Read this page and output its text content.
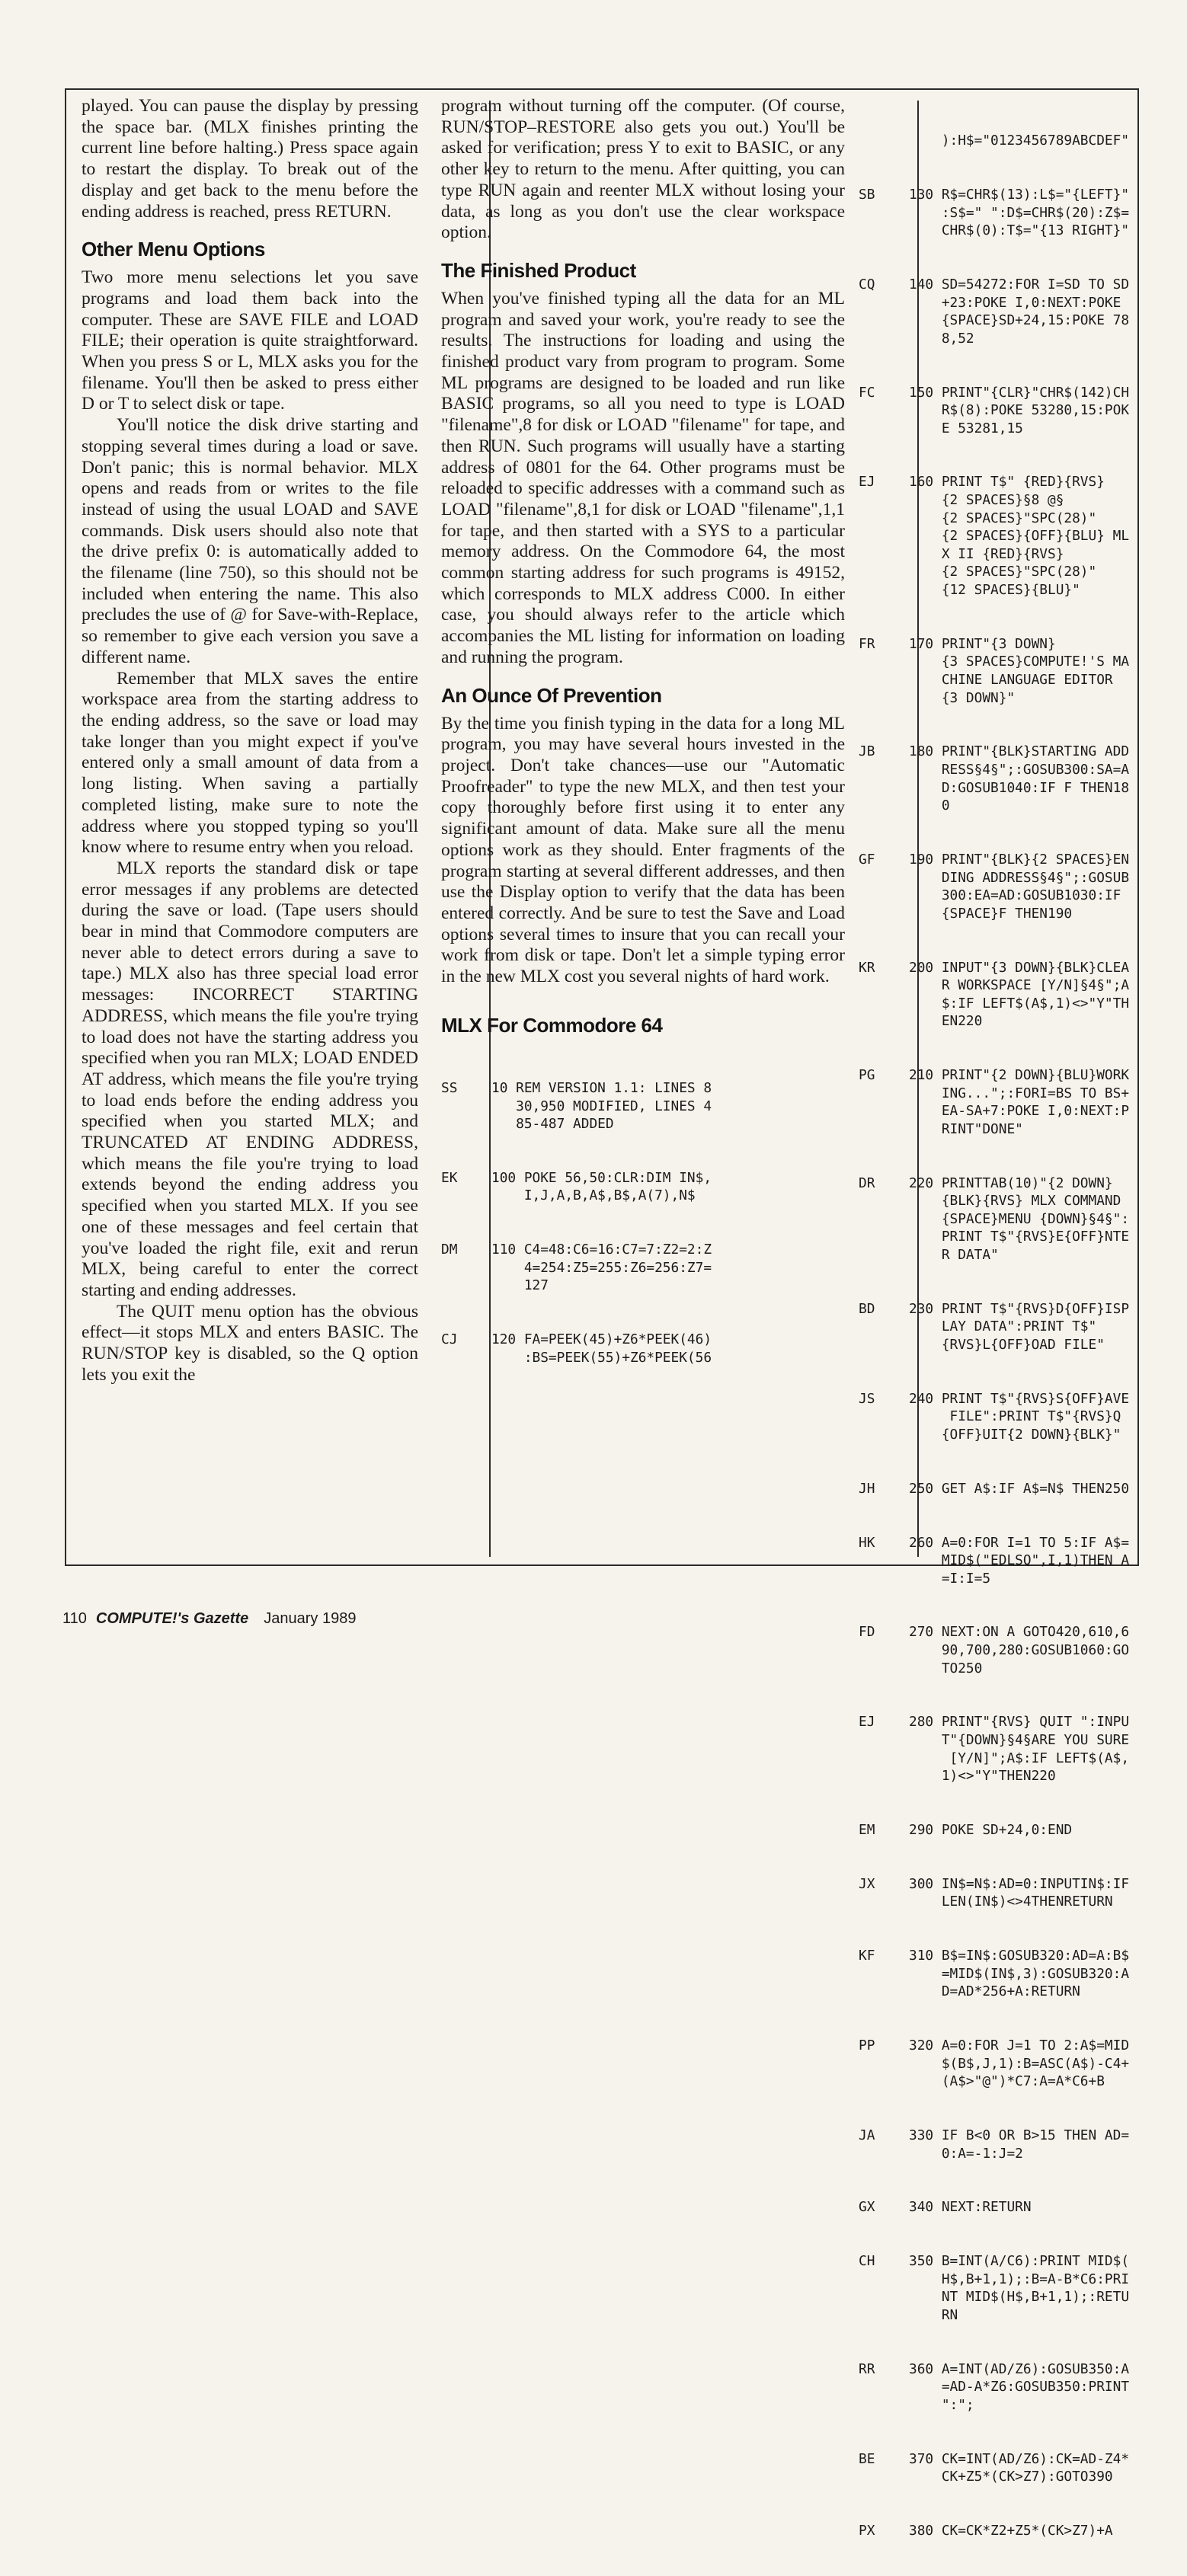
played. You can pause the display by pressing the space bar. (MLX finishes printing the current line before halting.) Press space again to restart the display. To break out of the display and get back to the menu before the ending address is reached, press RETURN.

Other Menu Options

Two more menu selections let you save programs and load them back into the computer. These are SAVE FILE and LOAD FILE; their operation is quite straightforward. When you press S or L, MLX asks you for the filename. You'll then be asked to press either D or T to select disk or tape.

You'll notice the disk drive starting and stopping several times during a load or save. Don't panic; this is normal behavior. MLX opens and reads from or writes to the file instead of using the usual LOAD and SAVE commands. Disk users should also note that the drive prefix 0: is automatically added to the filename (line 750), so this should not be included when entering the name. This also precludes the use of @ for Save-with-Replace, so remember to give each version you save a different name.

Remember that MLX saves the entire workspace area from the starting address to the ending address, so the save or load may take longer than you might expect if you've entered only a small amount of data from a long listing. When saving a partially completed listing, make sure to note the address where you stopped typing so you'll know where to resume entry when you reload.

MLX reports the standard disk or tape error messages if any problems are detected during the save or load. (Tape users should bear in mind that Commodore computers are never able to detect errors during a save to tape.) MLX also has three special load error messages: INCORRECT STARTING ADDRESS, which means the file you're trying to load does not have the starting address you specified when you ran MLX; LOAD ENDED AT address, which means the file you're trying to load ends before the ending address you specified when you started MLX; and TRUNCATED AT ENDING ADDRESS, which means the file you're trying to load extends beyond the ending address you specified when you started MLX. If you see one of these messages and feel certain that you've loaded the right file, exit and rerun MLX, being careful to enter the correct starting and ending addresses.

The QUIT menu option has the obvious effect—it stops MLX and enters BASIC. The RUN/STOP key is disabled, so the Q option lets you exit the

program without turning off the computer. (Of course, RUN/STOP–RESTORE also gets you out.) You'll be asked for verification; press Y to exit to BASIC, or any other key to return to the menu. After quitting, you can type RUN again and reenter MLX without losing your data, as long as you don't use the clear workspace option.

The Finished Product

When you've finished typing all the data for an ML program and saved your work, you're ready to see the results. The instructions for loading and using the finished product vary from program to program. Some ML programs are designed to be loaded and run like BASIC programs, so all you need to type is LOAD "filename",8 for disk or LOAD "filename" for tape, and then RUN. Such programs will usually have a starting address of 0801 for the 64. Other programs must be reloaded to specific addresses with a command such as LOAD "filename",8,1 for disk or LOAD "filename",1,1 for tape, and then started with a SYS to a particular memory address. On the Commodore 64, the most common starting address for such programs is 49152, which corresponds to MLX address C000. In either case, you should always refer to the article which accompanies the ML listing for information on loading and running the program.

An Ounce Of Prevention

By the time you finish typing in the data for a long ML program, you may have several hours invested in the project. Don't take chances—use our "Automatic Proofreader" to type the new MLX, and then test your copy thoroughly before first using it to enter any significant amount of data. Make sure all the menu options work as they should. Enter fragments of the program starting at several different addresses, and then use the Display option to verify that the data has been entered correctly. And be sure to test the Save and Load options several times to insure that you can recall your work from disk or tape. Don't let a simple typing error in the new MLX cost you several nights of hard work.

MLX For Commodore 64

SS	10 REM VERSION 1.1: LINES 8
30,950 MODIFIED, LINES 4
85-487 ADDED

EK	100 POKE 56,50:CLR:DIM IN$,
I,J,A,B,A$,B$,A(7),N$

DM	110 C4=48:C6=16:C7=7:Z2=2:Z
4=254:Z5=255:Z6=256:Z7=
127

CJ	120 FA=PEEK(45)+Z6*PEEK(46)
:BS=PEEK(55)+Z6*PEEK(56

):H$="0123456789ABCDEF"

SB	130 R$=CHR$(13):L$="{LEFT}"
:S$=" ":D$=CHR$(20):Z$=
CHR$(0):T$="{13 RIGHT}"

CQ	140 SD=54272:FOR I=SD TO SD
+23:POKE I,0:NEXT:POKE
{SPACE}SD+24,15:POKE 78
8,52

FC	150 PRINT"{CLR}"CHR$(142)CH
R$(8):POKE 53280,15:POK
E 53281,15

EJ	160 PRINT T$" {RED}{RVS}
{2 SPACES}§8 @§
{2 SPACES}"SPC(28)"
{2 SPACES}{OFF}{BLU} ML
X II {RED}{RVS}
{2 SPACES}"SPC(28)"
{12 SPACES}{BLU}"

FR	170 PRINT"{3 DOWN}
{3 SPACES}COMPUTE!'S MA
CHINE LANGUAGE EDITOR
{3 DOWN}"

JB	180 PRINT"{BLK}STARTING ADD
RESS§4§";:GOSUB300:SA=A
D:GOSUB1040:IF F THEN18
0

GF	190 PRINT"{BLK}{2 SPACES}EN
DING ADDRESS§4§";:GOSUB
300:EA=AD:GOSUB1030:IF
{SPACE}F THEN190

KR	200 INPUT"{3 DOWN}{BLK}CLEA
R WORKSPACE [Y/N]§4§";A
$:IF LEFT$(A$,1)<>"Y"TH
EN220

PG	210 PRINT"{2 DOWN}{BLU}WORK
ING...";:FORI=BS TO BS+
EA-SA+7:POKE I,0:NEXT:P
RINT"DONE"

DR	220 PRINTTAB(10)"{2 DOWN}
{BLK}{RVS} MLX COMMAND
{SPACE}MENU {DOWN}§4§":
PRINT T$"{RVS}E{OFF}NTE
R DATA"

BD	230 PRINT T$"{RVS}D{OFF}ISP
LAY DATA":PRINT T$"
{RVS}L{OFF}OAD FILE"

JS	240 PRINT T$"{RVS}S{OFF}AVE
FILE":PRINT T$"{RVS}Q
{OFF}UIT{2 DOWN}{BLK}"

JH	250 GET A$:IF A$=N$ THEN250

HK	260 A=0:FOR I=1 TO 5:IF A$=
MID$("EDLSQ",I,1)THEN A
=I:I=5

FD	270 NEXT:ON A GOTO420,610,6
90,700,280:GOSUB1060:GO
TO250

EJ	280 PRINT"{RVS} QUIT ":INPU
T"{DOWN}§4§ARE YOU SURE
[Y/N]";A$:IF LEFT$(A$,
1)<>"Y"THEN220

EM	290 POKE SD+24,0:END

JX	300 IN$=N$:AD=0:INPUTIN$:IF
LEN(IN$)<>4THENRETURN

KF	310 B$=IN$:GOSUB320:AD=A:B$
=MID$(IN$,3):GOSUB320:A
D=AD*256+A:RETURN

PP	320 A=0:FOR J=1 TO 2:A$=MID
$(B$,J,1):B=ASC(A$)-C4+
(A$>"@")*C7:A=A*C6+B

JA	330 IF B<0 OR B>15 THEN AD=
0:A=-1:J=2

GX	340 NEXT:RETURN

CH	350 B=INT(A/C6):PRINT MID$(
H$,B+1,1);:B=A-B*C6:PRI
NT MID$(H$,B+1,1);:RETU
RN

RR	360 A=INT(AD/Z6):GOSUB350:A
=AD-A*Z6:GOSUB350:PRINT
":";

BE	370 CK=INT(AD/Z6):CK=AD-Z4*
CK+Z5*(CK>Z7):GOTO390

PX	380 CK=CK*Z2+Z5*(CK>Z7)+A

110 COMPUTE!'s Gazette January 1989
